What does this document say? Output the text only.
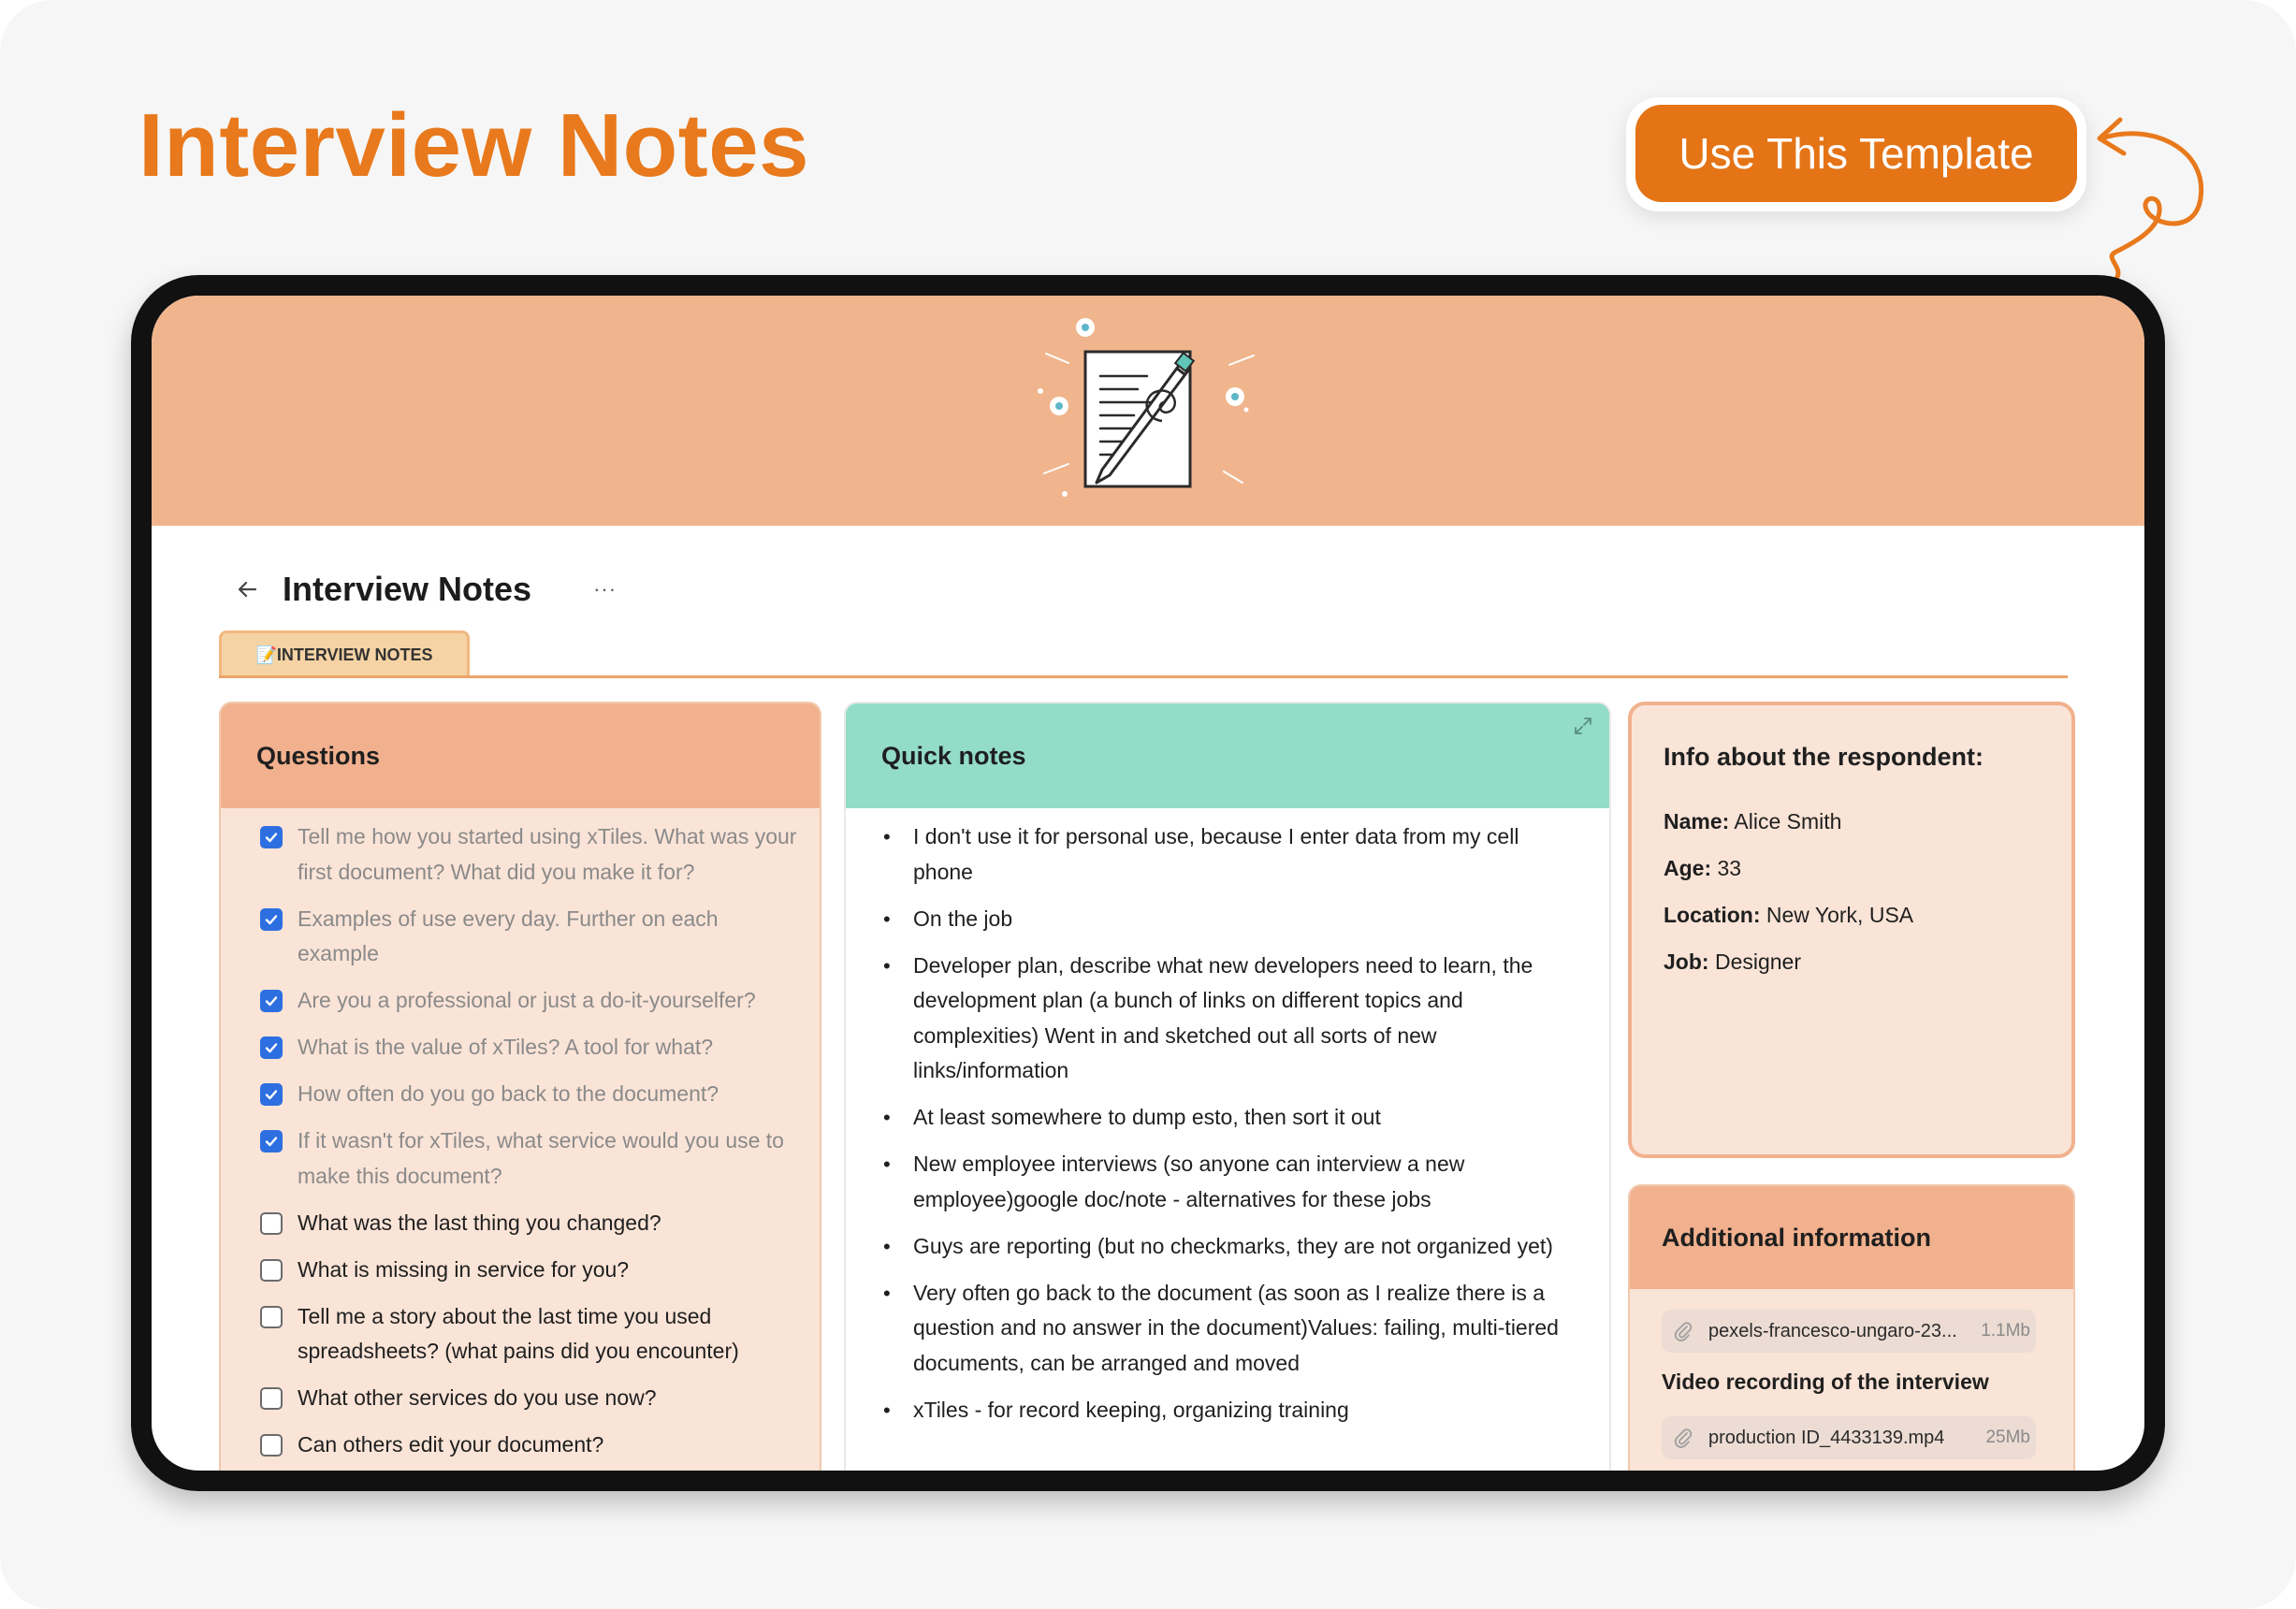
Interview Notes	Use This Template
Interview Notes	···
📝INTERVIEW NOTES
Questions
Tell me how you started using xTiles. What was your first document? What did you make it for?
Examples of use every day. Further on each example
Are you a professional or just a do-it-yourselfer?
What is the value of xTiles? A tool for what?
How often do you go back to the document?
If it wasn't for xTiles, what service would you use to make this document?
What was the last thing you changed?
What is missing in service for you?
Tell me a story about the last time you used spreadsheets? (what pains did you encounter)
What other services do you use now?
Can others edit your document?
Quick notes
•	I don't use it for personal use, because I enter data from my cell phone
•	On the job
•	Developer plan, describe what new developers need to learn, the development plan (a bunch of links on different topics and complexities) Went in and sketched out all sorts of new links/information
•	At least somewhere to dump esto, then sort it out
•	New employee interviews (so anyone can interview a new employee)google doc/note - alternatives for these jobs
•	Guys are reporting (but no checkmarks, they are not organized yet)
•	Very often go back to the document (as soon as I realize there is a question and no answer in the document)Values: failing, multi-tiered documents, can be arranged and moved
•	xTiles - for record keeping, organizing training
Info about the respondent:
Name: Alice Smith
Age: 33
Location: New York, USA
Job: Designer
Additional information
pexels-francesco-ungaro-23...	1.1Mb
Video recording of the interview
production ID_4433139.mp4	25Mb
